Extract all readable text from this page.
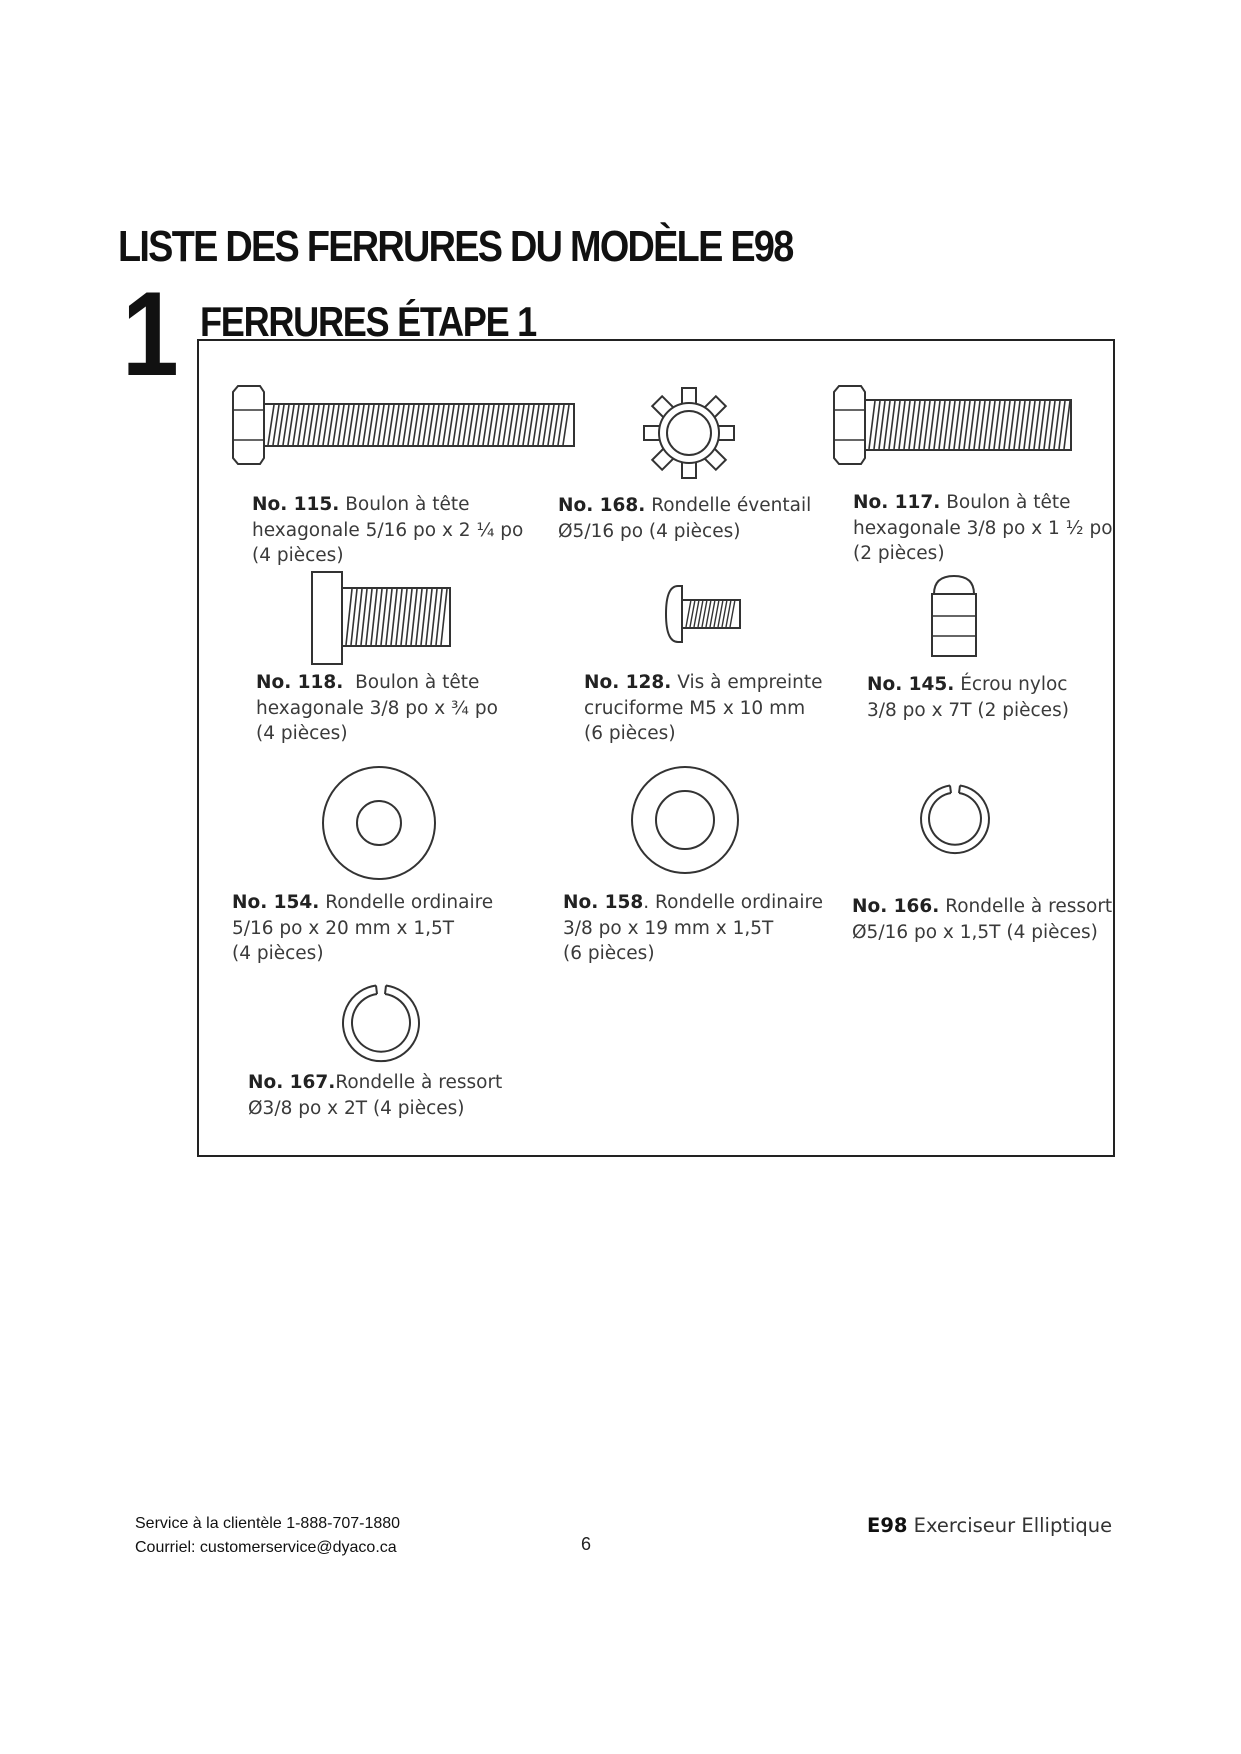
LISTE DES FERRURES DU MODÈLE E98
1 FERRURES ÉTAPE 1
No. 115. Boulon à tête
hexagonale 5/16 po x 2 ¼ po
(4 pièces)
No. 168. Rondelle éventail
Ø5/16 po (4 pièces)
No. 117. Boulon à tête
hexagonale 3/8 po x 1 ½ po
(2 pièces)
No. 118.  Boulon à tête
hexagonale 3/8 po x ¾ po
(4 pièces)
No. 128. Vis à empreinte
cruciforme M5 x 10 mm
(6 pièces)
No. 145. Écrou nyloc
3/8 po x 7T (2 pièces)
No. 154. Rondelle ordinaire
5/16 po x 20 mm x 1,5T
(4 pièces)
No. 158. Rondelle ordinaire
3/8 po x 19 mm x 1,5T
(6 pièces)
No. 166. Rondelle à ressort
Ø5/16 po x 1,5T (4 pièces)
No. 167.Rondelle à ressort
Ø3/8 po x 2T (4 pièces)
Service à la clientèle 1-888-707-1880
Courriel: customerservice@dyaco.ca	6
E98 Exerciseur Elliptique
